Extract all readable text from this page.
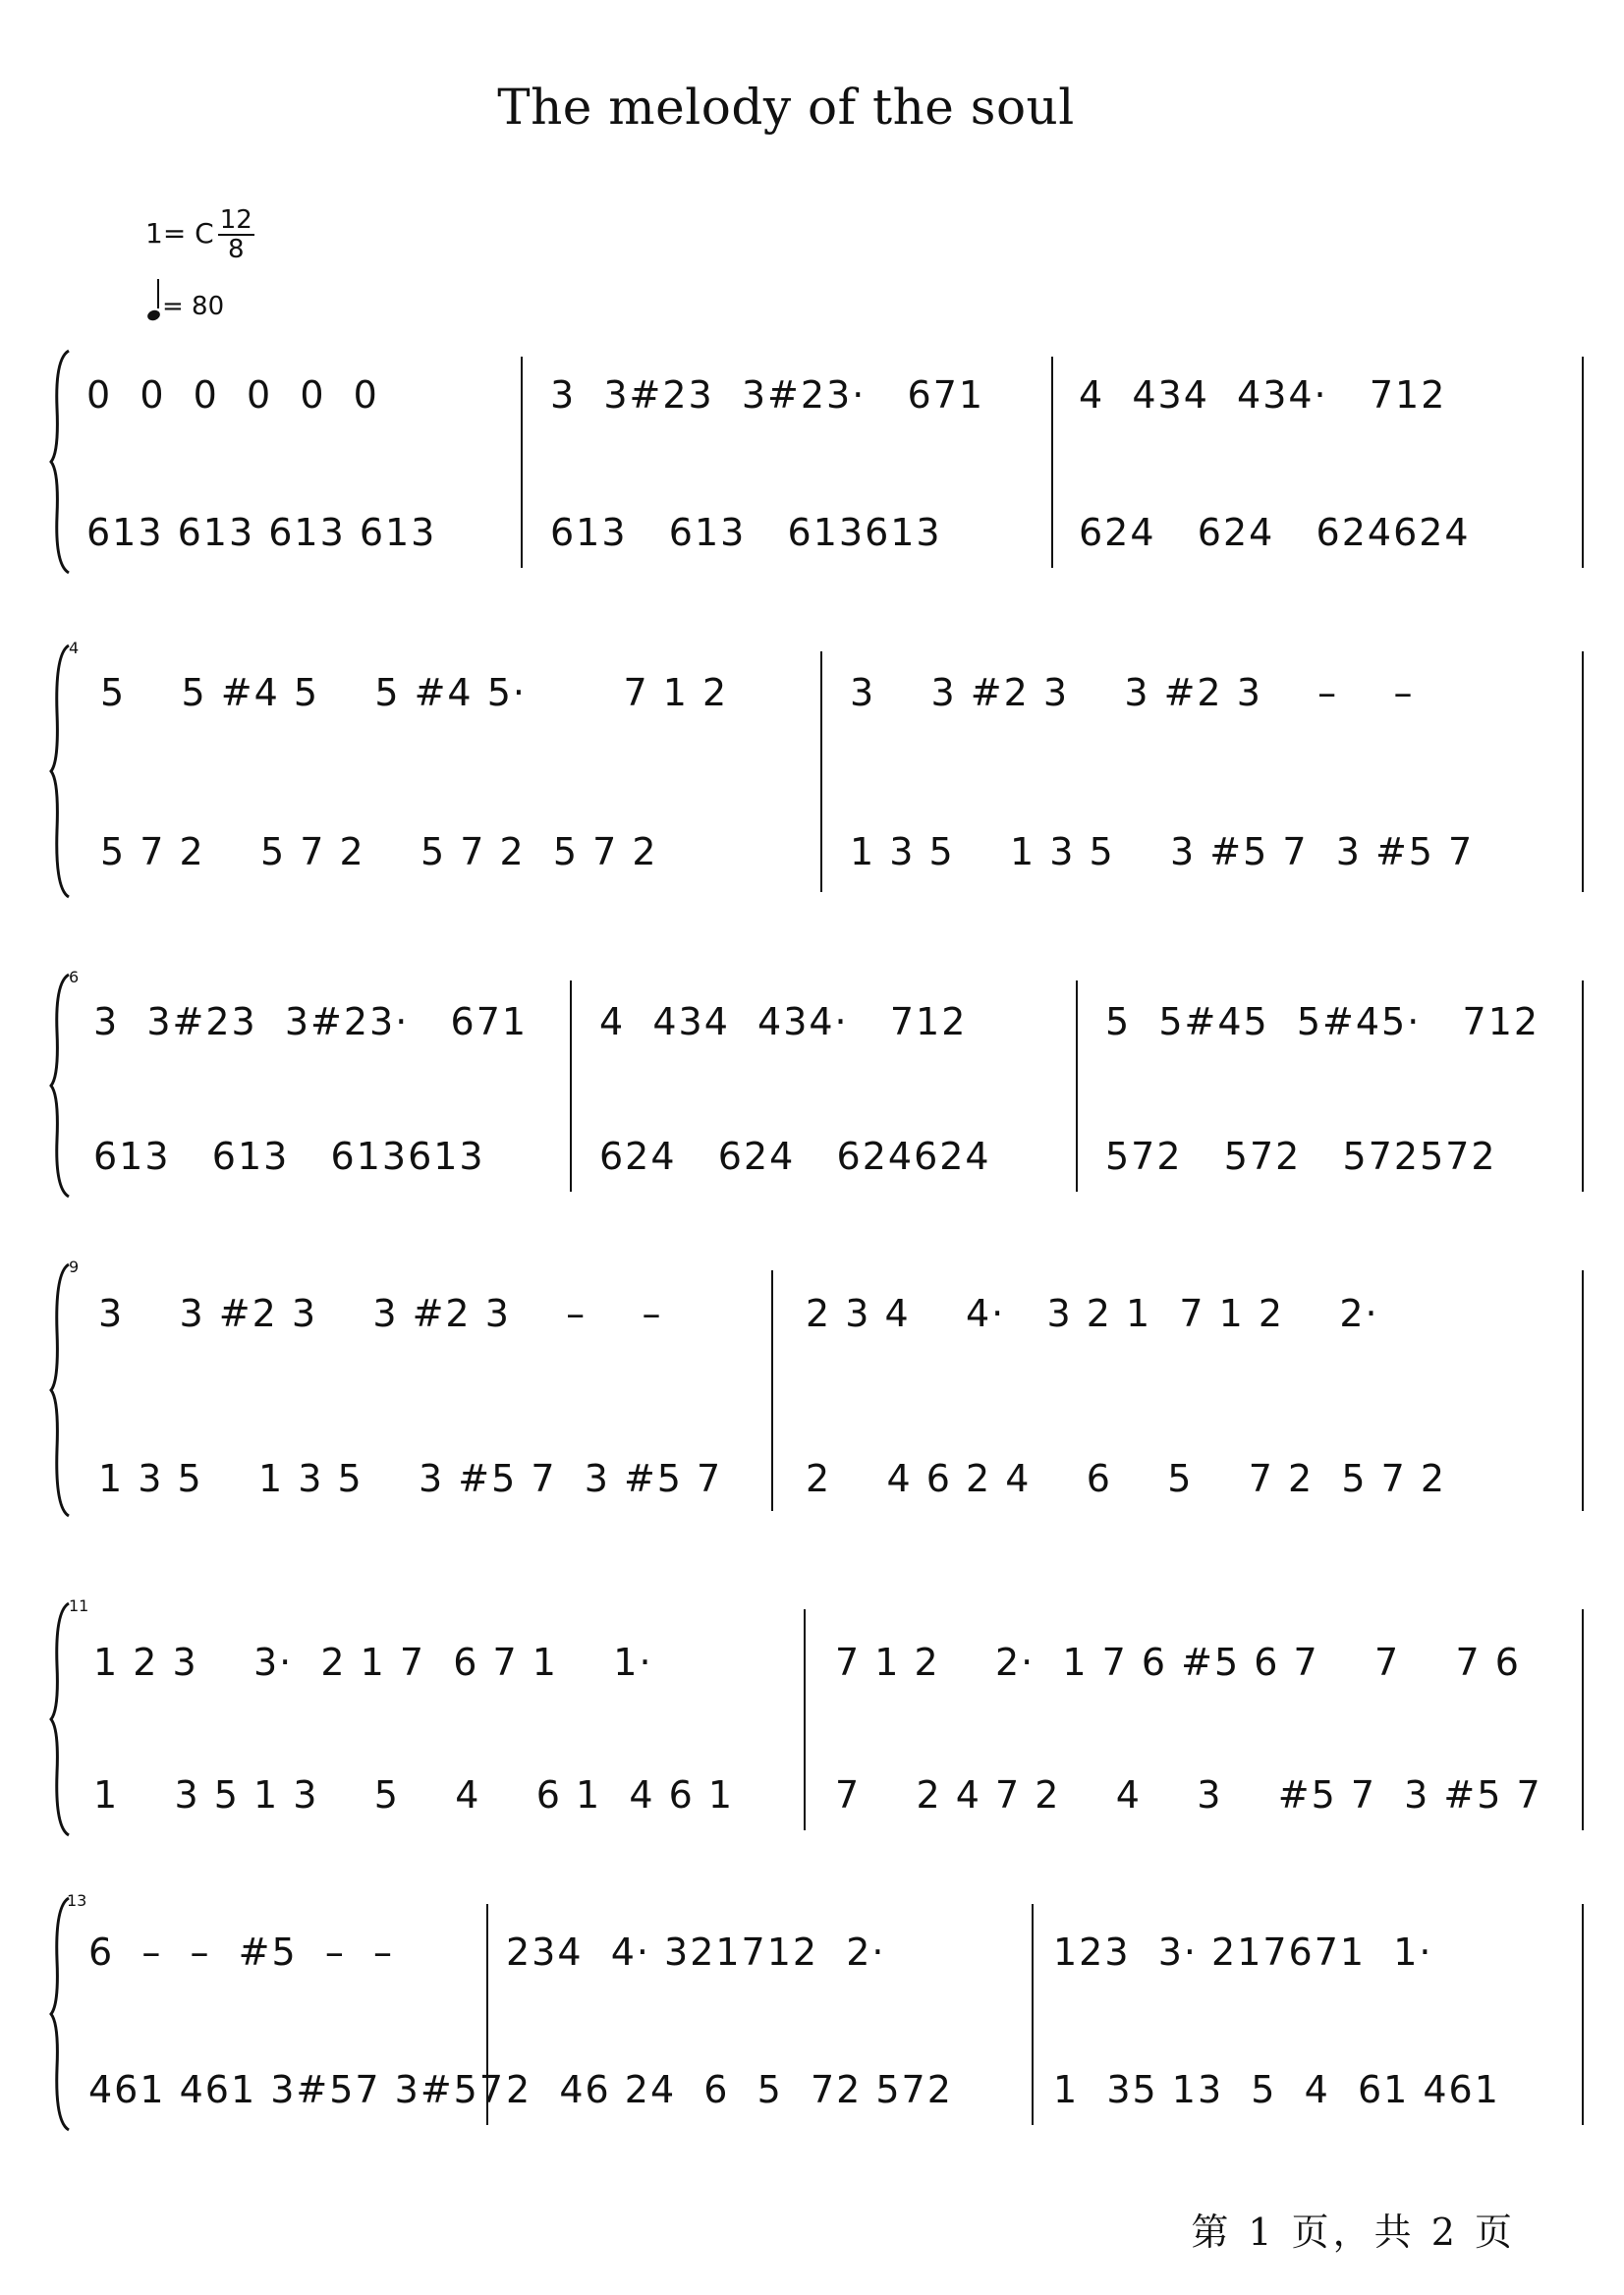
The melody of the soul
1= C $\frac{12}{8}$
= 80
0  0  0  0  0  0	3  3#23  3#23·   671	4  434  434·   712
613 613 613 613	613   613   613613	624   624   624624
4
5    5 #4 5    5 #4 5·       7 1 2	3    3 #2 3    3 #2 3    –    –
5 7 2    5 7 2    5 7 2  5 7 2	1 3 5    1 3 5    3 #5 7  3 #5 7
6
3  3#23  3#23·   671 4  434  434·   712	5  5#45  5#45·   712
613   613   613613	624   624   624624	572   572   572572
9
3    3 #2 3    3 #2 3    –    –	2 3 4    4·   3 2 1  7 1 2    2·
1 3 5    1 3 5    3 #5 7  3 #5 7 2    4 6 2 4    6    5    7 2  5 7 2
11
1 2 3    3·  2 1 7  6 7 1    1·	7 1 2    2·  1 7 6 #5 6 7    7    7 6
1    3 5 1 3    5    4    6 1  4 6 1	7    2 4 7 2    4    3    #5 7  3 #5 7
13
6  –  –  #5  –  –	234  4· 321712  2·	123  3· 217671  1·
461 461 3#57 3#57 2  46 24  6  5  72 572	1  35 13  5  4  61 461
第 1 页，共 2 页
